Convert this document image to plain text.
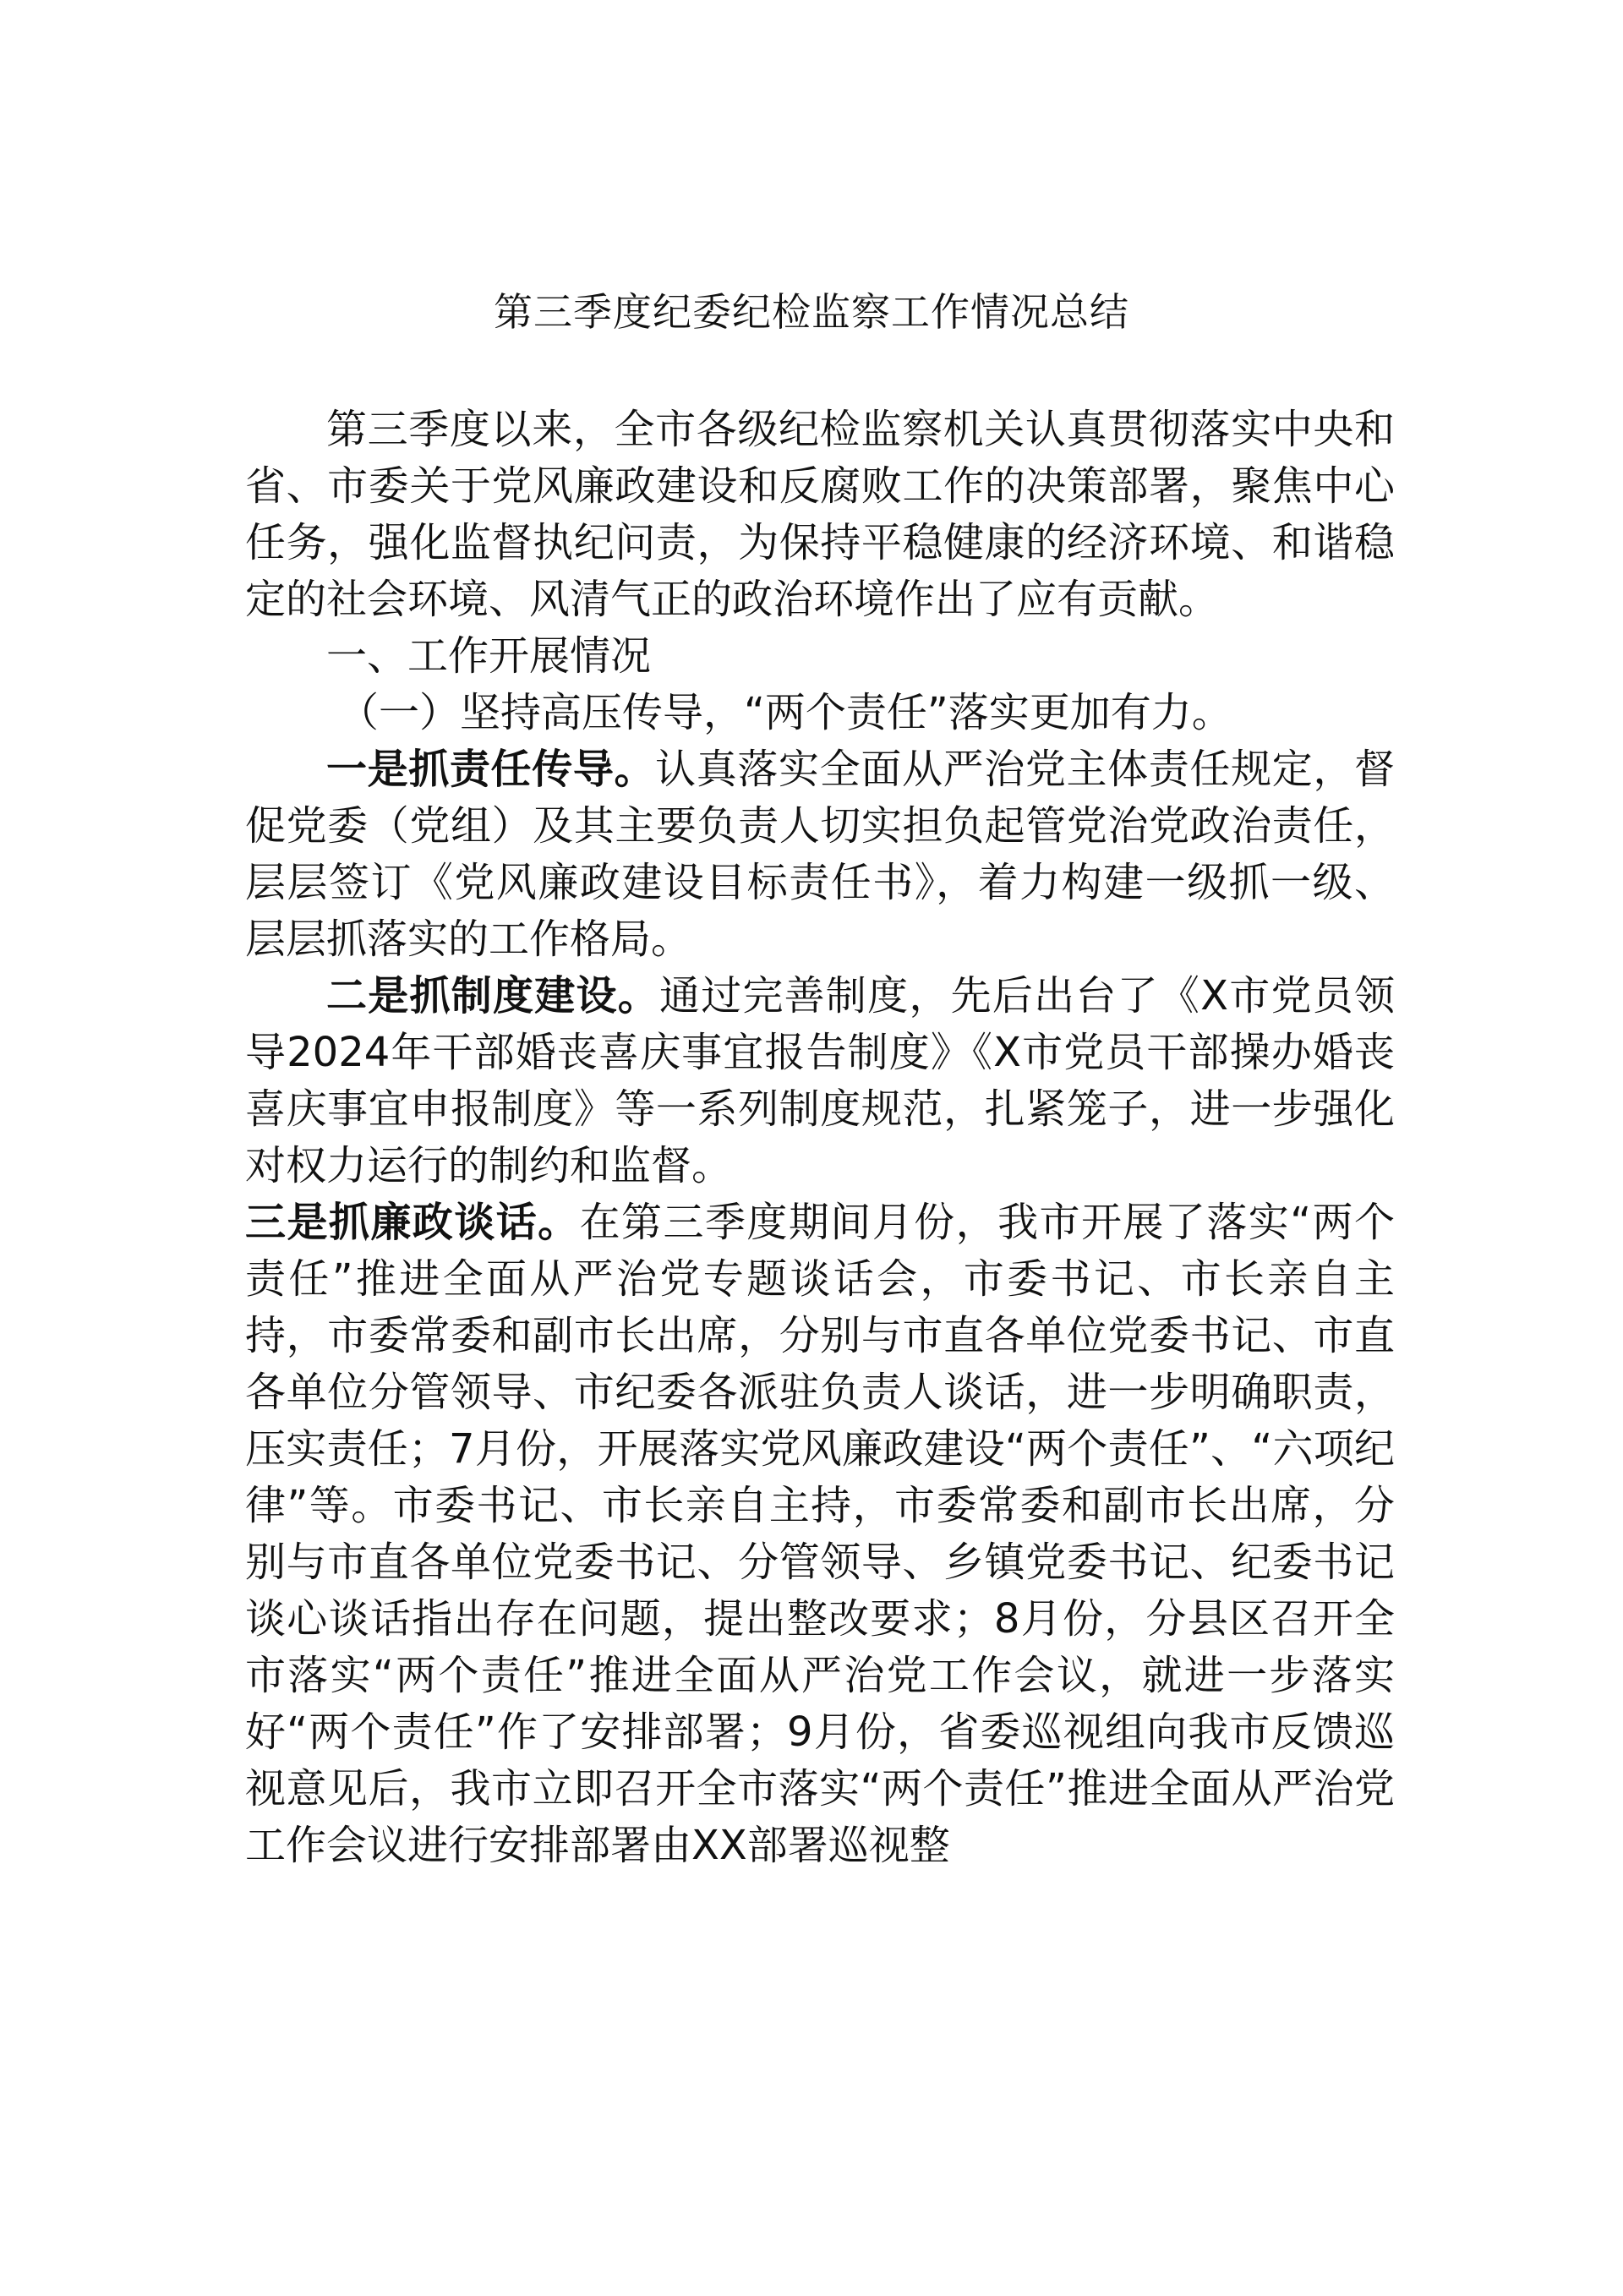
第三季度纪委纪检监察工作情况总结

第三季度以来，全市各级纪检监察机关认真贯彻落实中央和省、市委关于党风廉政建设和反腐败工作的决策部署，聚焦中心任务，强化监督执纪问责，为保持平稳健康的经济环境、和谐稳定的社会环境、风清气正的政治环境作出了应有贡献。

一、工作开展情况

（一）坚持高压传导，“两个责任”落实更加有力。

一是抓责任传导。认真落实全面从严治党主体责任规定，督促党委（党组）及其主要负责人切实担负起管党治党政治责任，层层签订《党风廉政建设目标责任书》，着力构建一级抓一级、层层抓落实的工作格局。

二是抓制度建设。通过完善制度，先后出台了《X市党员领导2024年干部婚丧喜庆事宜报告制度》《X市党员干部操办婚丧喜庆事宜申报制度》等一系列制度规范，扎紧笼子，进一步强化对权力运行的制约和监督。

三是抓廉政谈话。在第三季度期间月份，我市开展了落实“两个责任”推进全面从严治党专题谈话会，市委书记、市长亲自主持，市委常委和副市长出席，分别与市直各单位党委书记、市直各单位分管领导、市纪委各派驻负责人谈话，进一步明确职责，压实责任；7月份，开展落实党风廉政建设“两个责任”、“六项纪律”等。市委书记、市长亲自主持，市委常委和副市长出席，分别与市直各单位党委书记、分管领导、乡镇党委书记、纪委书记谈心谈话指出存在问题，提出整改要求；8月份，分县区召开全市落实“两个责任”推进全面从严治党工作会议，就进一步落实好“两个责任”作了安排部署；9月份，省委巡视组向我市反馈巡视意见后，我市立即召开全市落实“两个责任”推进全面从严治党工作会议进行安排部署由XX部署巡视整
